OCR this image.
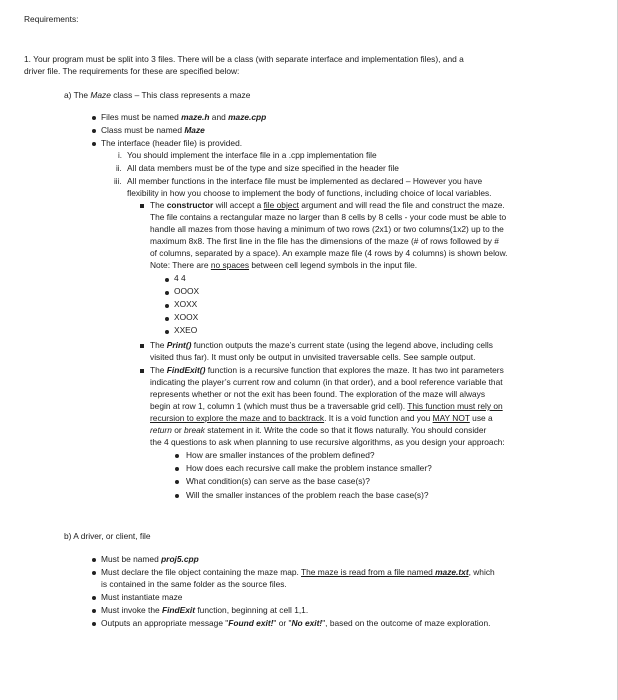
Requirements:
1. Your program must be split into 3 files. There will be a class (with separate interface and implementation files), and a
driver file. The requirements for these are specified below:
a) The Maze class – This class represents a maze
Files must be named maze.h and maze.cpp
Class must be named Maze
The interface (header file) is provided.
i. You should implement the interface file in a .cpp implementation file
ii. All data members must be of the type and size specified in the header file
iii. All member functions in the interface file must be implemented as declared – However you have
flexibility in how you choose to implement the body of functions, including choice of local variables.
The constructor will accept a file object argument and will read the file and construct the maze.
The file contains a rectangular maze no larger than 8 cells by 8 cells - your code must be able to
handle all mazes from those having a minimum of two rows (2x1) or two columns(1x2) up to the
maximum 8x8. The first line in the file has the dimensions of the maze (# of rows followed by #
of columns, separated by a space). An example maze file (4 rows by 4 columns) is shown below.
Note: There are no spaces between cell legend symbols in the input file.
4 4
OOOX
XOXX
XOOX
XXEO
The Print() function outputs the maze’s current state (using the legend above, including cells
visited thus far). It must only be output in unvisited traversable cells. See sample output.
The FindExit() function is a recursive function that explores the maze. It has two int parameters
indicating the player’s current row and column (in that order), and a bool reference variable that
represents whether or not the exit has been found. The exploration of the maze will always
begin at row 1, column 1 (which must thus be a traversable grid cell). This function must rely on
recursion to explore the maze and to backtrack. It is a void function and you MAY NOT use a
return or break statement in it. Write the code so that it flows naturally. You should consider
the 4 questions to ask when planning to use recursive algorithms, as you design your approach:
How are smaller instances of the problem defined?
How does each recursive call make the problem instance smaller?
What condition(s) can serve as the base case(s)?
Will the smaller instances of the problem reach the base case(s)?
b) A driver, or client, file
Must be named proj5.cpp
Must declare the file object containing the maze map. The maze is read from a file named maze.txt, which
is contained in the same folder as the source files.
Must instantiate maze
Must invoke the FindExit function, beginning at cell 1,1.
Outputs an appropriate message "Found exit!" or "No exit!", based on the outcome of maze exploration.
